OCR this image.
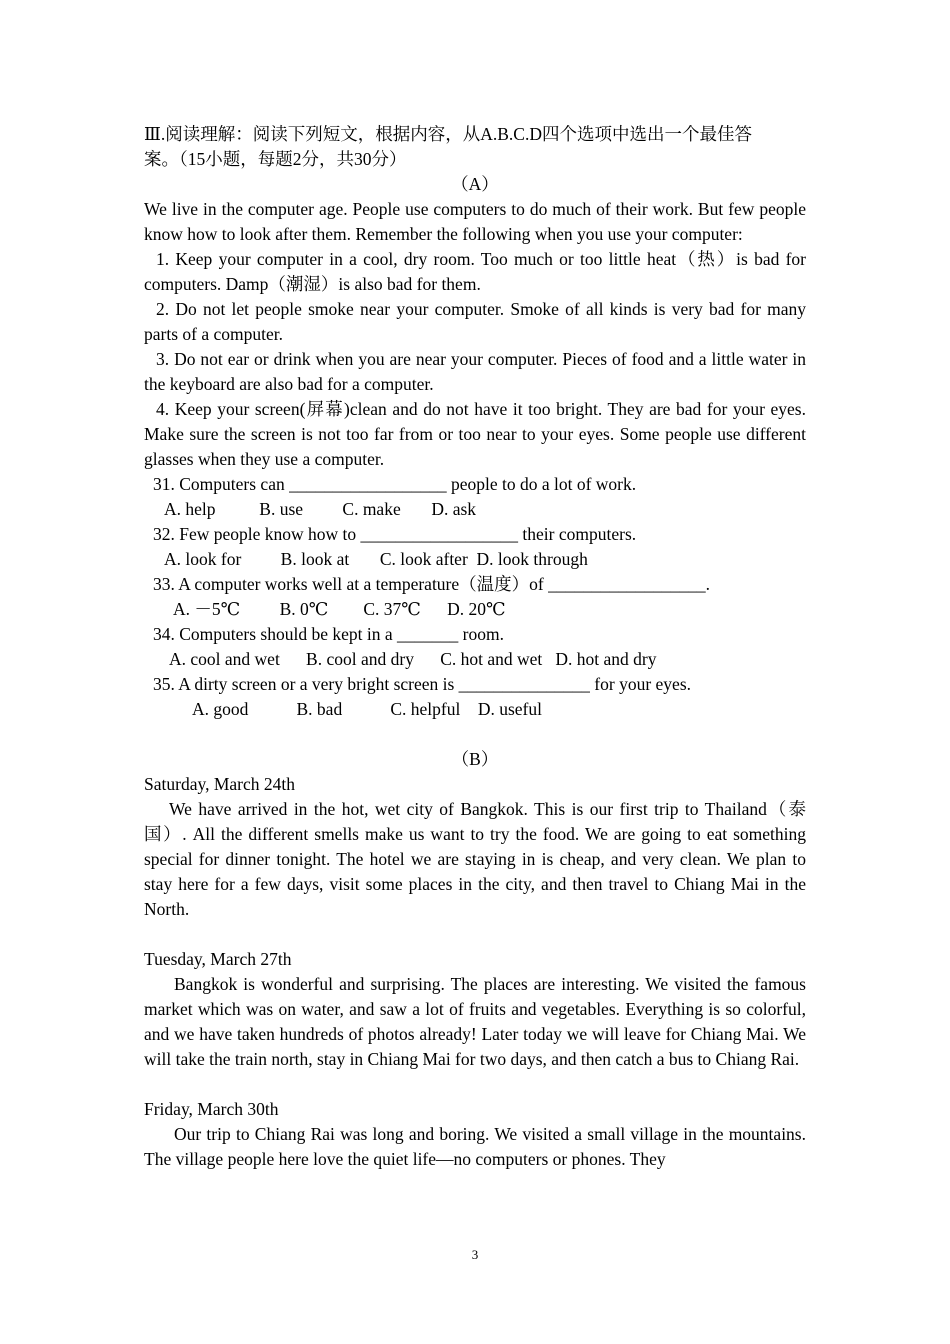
Ⅲ.阅读理解：阅读下列短文，根据内容，从A.B.C.D四个选项中选出一个最佳答

案。（15小题，每题2分，共30分）

（A）

We live in the computer age. People use computers to do much of their work. But few people know how to look after them. Remember the following when you use your computer:

1. Keep your computer in a cool, dry room. Too much or too little heat（热）is bad for computers. Damp（潮湿）is also bad for them.

2. Do not let people smoke near your computer. Smoke of all kinds is very bad for many parts of a computer.

3. Do not ear or drink when you are near your computer. Pieces of food and a little water in the keyboard are also bad for a computer.

4. Keep your screen(屏幕)clean and do not have it too bright. They are bad for your eyes. Make sure the screen is not too far from or too near to your eyes. Some people use different glasses when they use a computer.

31. Computers can __________________ people to do a lot of work.

A. help          B. use         C. make       D. ask

32. Few people know how to __________________ their computers.

A. look for         B. look at       C. look after  D. look through

33. A computer works well at a temperature（温度）of __________________.

A. －5℃         B. 0℃        C. 37℃      D. 20℃

34. Computers should be kept in a _______ room.

A. cool and wet      B. cool and dry      C. hot and wet   D. hot and dry

35. A dirty screen or a very bright screen is _______________ for your eyes.

A. good           B. bad           C. helpful    D. useful

（B）

Saturday, March 24th

We have arrived in the hot, wet city of Bangkok. This is our first trip to Thailand（泰国）. All the different smells make us want to try the food. We are going to eat something special for dinner tonight. The hotel we are staying in is cheap, and very clean. We plan to stay here for a few days, visit some places in the city, and then travel to Chiang Mai in the North.

Tuesday, March 27th

Bangkok is wonderful and surprising. The places are interesting. We visited the famous market which was on water, and saw a lot of fruits and vegetables. Everything is so colorful, and we have taken hundreds of photos already! Later today we will leave for Chiang Mai. We will take the train north, stay in Chiang Mai for two days, and then catch a bus to Chiang Rai.

Friday, March 30th

Our trip to Chiang Rai was long and boring. We visited a small village in the mountains. The village people here love the quiet life—no computers or phones. They

3
